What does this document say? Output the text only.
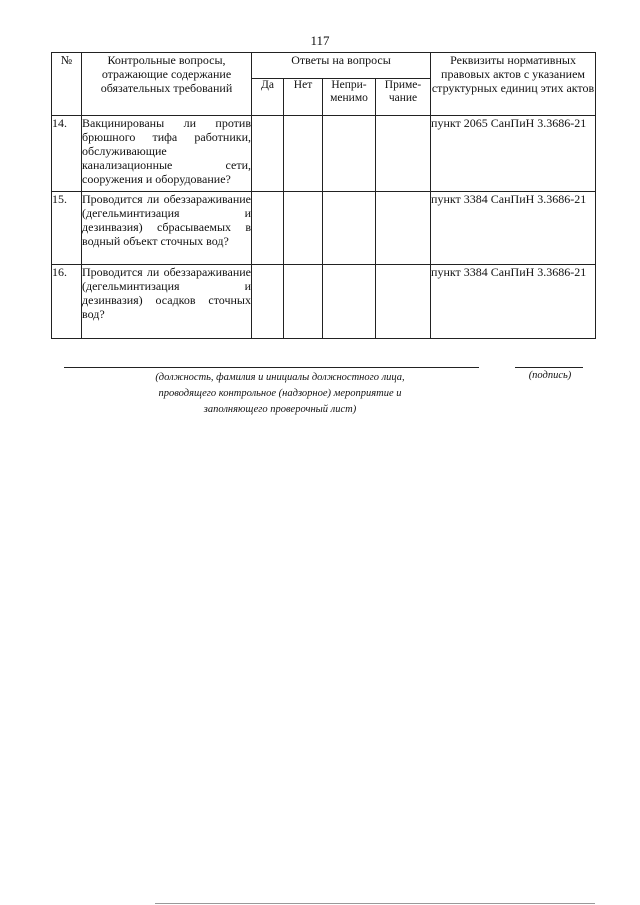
117
№	Контрольные вопросы, отражающие содержание обязательных требований	Ответы на вопросы				Реквизиты нормативных правовых актов с указанием структурных единиц этих актов
		Да	Нет	Непри-менимо	Приме-чание	
14.	Вакцинированы ли против брюшного тифа работники, обслуживающие канализационные сети, сооружения и оборудование?					пункт 2065 СанПиН 3.3686-21
15.	Проводится ли обеззараживание (дегельминтизация и дезинвазия) сбрасываемых в водный объект сточных вод?					пункт 3384 СанПиН 3.3686-21
16.	Проводится ли обеззараживание (дегельминтизация и дезинвазия) осадков сточных вод?					пункт 3384 СанПиН 3.3686-21
(должность, фамилия и инициалы должностного лица, проводящего контрольное (надзорное) мероприятие и заполняющего проверочный лист)
(подпись)
